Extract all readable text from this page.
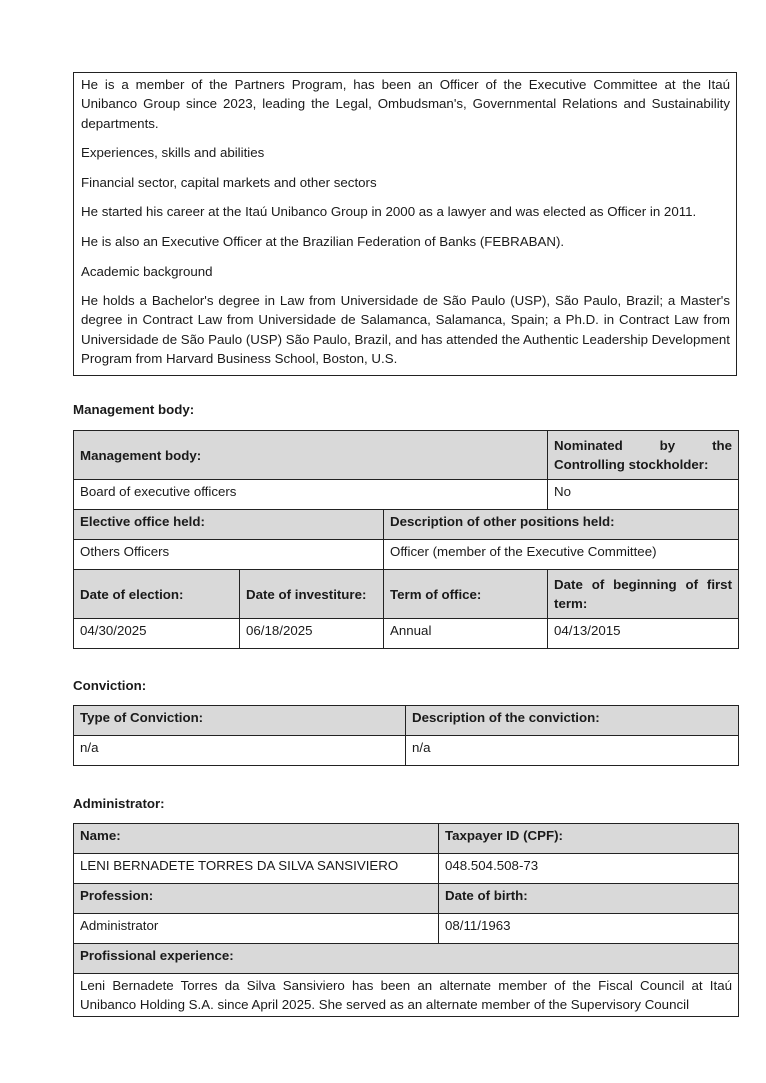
He is a member of the Partners Program, has been an Officer of the Executive Committee at the Itaú Unibanco Group since 2023, leading the Legal, Ombudsman's, Governmental Relations and Sustainability departments.

Experiences, skills and abilities

Financial sector, capital markets and other sectors

He started his career at the Itaú Unibanco Group in 2000 as a lawyer and was elected as Officer in 2011.

He is also an Executive Officer at the Brazilian Federation of Banks (FEBRABAN).

Academic background

He holds a Bachelor's degree in Law from Universidade de São Paulo (USP), São Paulo, Brazil; a Master's degree in Contract Law from Universidade de Salamanca, Salamanca, Spain; a Ph.D. in Contract Law from Universidade de São Paulo (USP) São Paulo, Brazil, and has attended the Authentic Leadership Development Program from Harvard Business School, Boston, U.S.

Management body:

Management body:			Nominated by the Controlling stockholder:
Board of executive officers			No
Elective office held:		Description of other positions held:	
Others Officers		Officer (member of the Executive Committee)	
Date of election:	Date of investiture:	Term of office:	Date of beginning of first term:
04/30/2025	06/18/2025	Annual	04/13/2015

Conviction:

Type of Conviction:	Description of the conviction:
n/a	n/a

Administrator:

Name:	Taxpayer ID (CPF):
LENI BERNADETE TORRES DA SILVA SANSIVIERO	048.504.508-73
Profession:	Date of birth:
Administrator	08/11/1963
Profissional experience:	
Leni Bernadete Torres da Silva Sansiviero has been an alternate member of the Fiscal Council at Itaú Unibanco Holding S.A. since April 2025. She served as an alternate member of the Supervisory Council	
